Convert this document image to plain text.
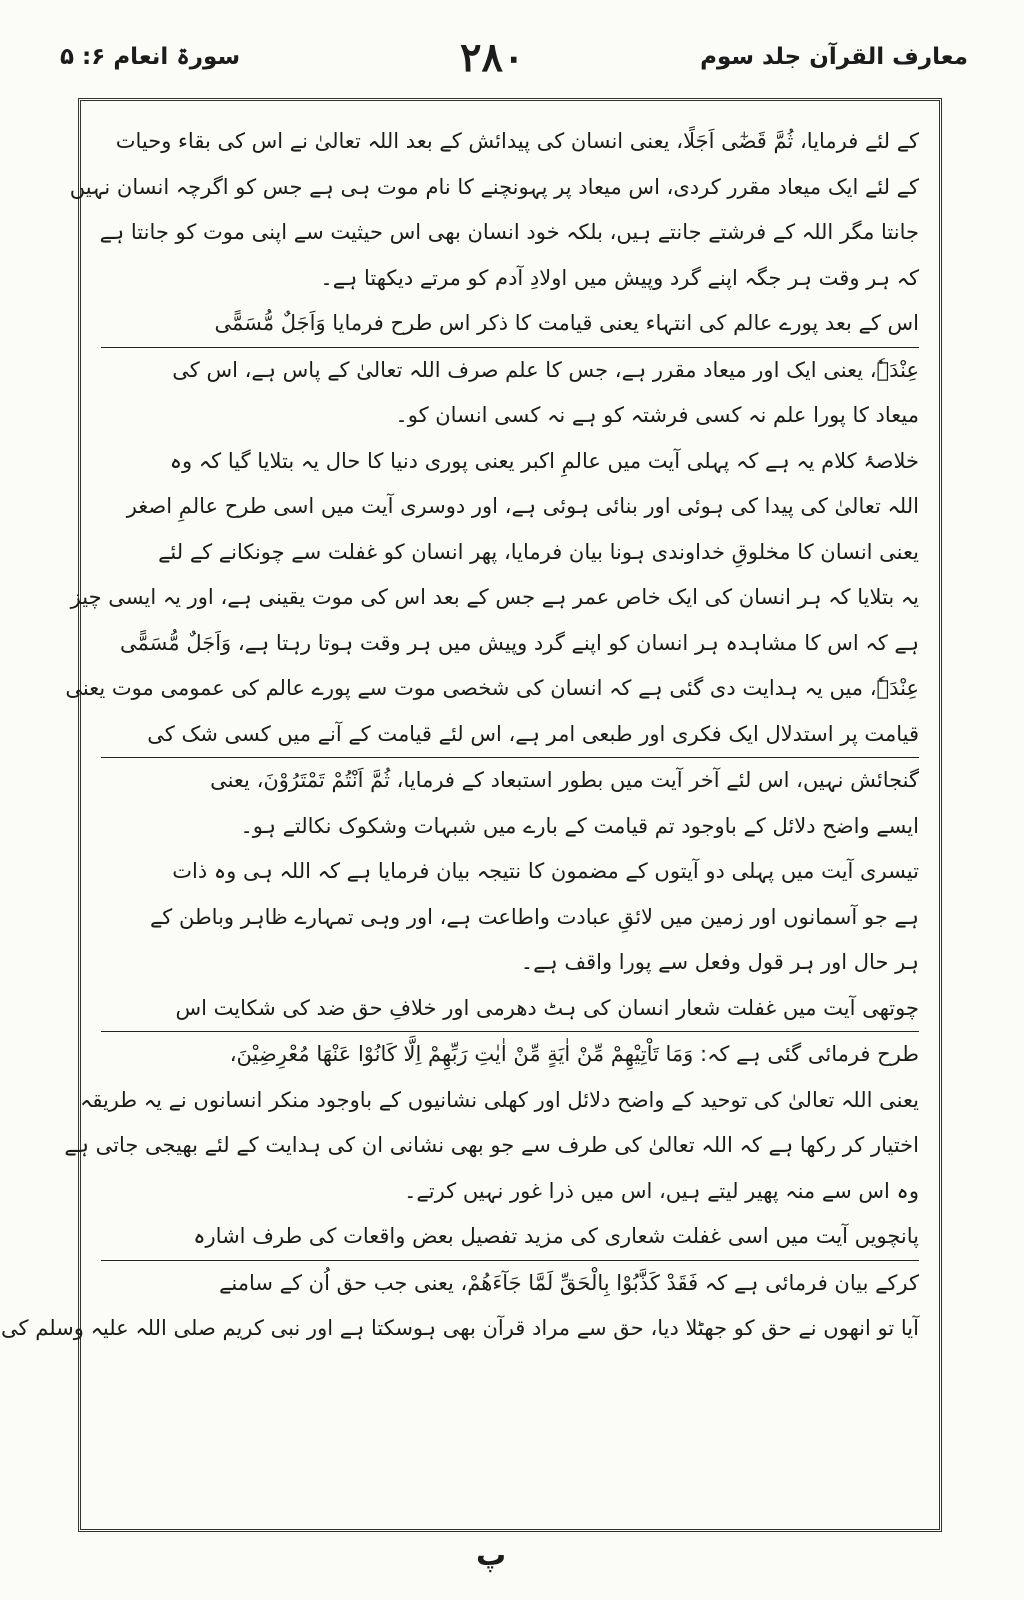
معارف القرآن جلد سوم
۲۸۰
سورۃ انعام ۶: ۵
کے لئے فرمایا، ثُمَّ قَضٰٓی اَجَلًا، یعنی انسان کی پیدائش کے بعد اللہ تعالیٰ نے اس کی بقاء وحیات
کے لئے ایک میعاد مقرر کردی، اس میعاد پر پہونچنے کا نام موت ہی ہے جس کو اگرچہ انسان نہیں
جانتا مگر اللہ کے فرشتے جانتے ہیں، بلکہ خود انسان بھی اس حیثیت سے اپنی موت کو جانتا ہے
کہ ہر وقت ہر جگہ اپنے گرد وپیش میں اولادِ آدم کو مرتے دیکھتا ہے۔
اس کے بعد پورے عالم کی انتہاء یعنی قیامت کا ذکر اس طرح فرمایا وَاَجَلٌ مُّسَمًّی
عِنْدَہٗ، یعنی ایک اور میعاد مقرر ہے، جس کا علم صرف اللہ تعالیٰ کے پاس ہے، اس کی
میعاد کا پورا علم نہ کسی فرشتہ کو ہے نہ کسی انسان کو۔
خلاصۂ کلام یہ ہے کہ پہلی آیت میں عالمِ اکبر یعنی پوری دنیا کا حال یہ بتلایا گیا کہ وہ
اللہ تعالیٰ کی پیدا کی ہوئی اور بنائی ہوئی ہے، اور دوسری آیت میں اسی طرح عالمِ اصغر
یعنی انسان کا مخلوقِ خداوندی ہونا بیان فرمایا، پھر انسان کو غفلت سے چونکانے کے لئے
یہ بتلایا کہ ہر انسان کی ایک خاص عمر ہے جس کے بعد اس کی موت یقینی ہے، اور یہ ایسی چیز
ہے کہ اس کا مشاہدہ ہر انسان کو اپنے گرد وپیش میں ہر وقت ہوتا رہتا ہے، وَاَجَلٌ مُّسَمًّی
عِنْدَہٗ، میں یہ ہدایت دی گئی ہے کہ انسان کی شخصی موت سے پورے عالم کی عمومی موت یعنی
قیامت پر استدلال ایک فکری اور طبعی امر ہے، اس لئے قیامت کے آنے میں کسی شک کی
گنجائش نہیں، اس لئے آخر آیت میں بطور استبعاد کے فرمایا، ثُمَّ اَنْتُمْ تَمْتَرُوْنَ، یعنی
ایسے واضح دلائل کے باوجود تم قیامت کے بارے میں شبہات وشکوک نکالتے ہو۔
تیسری آیت میں پہلی دو آیتوں کے مضمون کا نتیجہ بیان فرمایا ہے کہ اللہ ہی وہ ذات
ہے جو آسمانوں اور زمین میں لائقِ عبادت واطاعت ہے، اور وہی تمہارے ظاہر وباطن کے
ہر حال اور ہر قول وفعل سے پورا واقف ہے۔
چوتھی آیت میں غفلت شعار انسان کی ہٹ دھرمی اور خلافِ حق ضد کی شکایت اس
طرح فرمائی گئی ہے کہ: وَمَا تَاْتِیْهِمْ مِّنْ اٰیَةٍ مِّنْ اٰیٰتِ رَبِّهِمْ اِلَّا كَانُوْا عَنْهَا مُعْرِضِیْنَ،
یعنی اللہ تعالیٰ کی توحید کے واضح دلائل اور کھلی نشانیوں کے باوجود منکر انسانوں نے یہ طریقہ
اختیار کر رکھا ہے کہ اللہ تعالیٰ کی طرف سے جو بھی نشانی ان کی ہدایت کے لئے بھیجی جاتی ہے
وہ اس سے منہ پھیر لیتے ہیں، اس میں ذرا غور نہیں کرتے۔
پانچویں آیت میں اسی غفلت شعاری کی مزید تفصیل بعض واقعات کی طرف اشارہ
کرکے بیان فرمائی ہے کہ فَقَدْ كَذَّبُوْا بِالْحَقِّ لَمَّا جَآءَهُمْ، یعنی جب حق اُن کے سامنے
آیا تو انھوں نے حق کو جھٹلا دیا، حق سے مراد قرآن بھی ہوسکتا ہے اور نبی کریم صلی اللہ علیہ وسلم کی
پ
